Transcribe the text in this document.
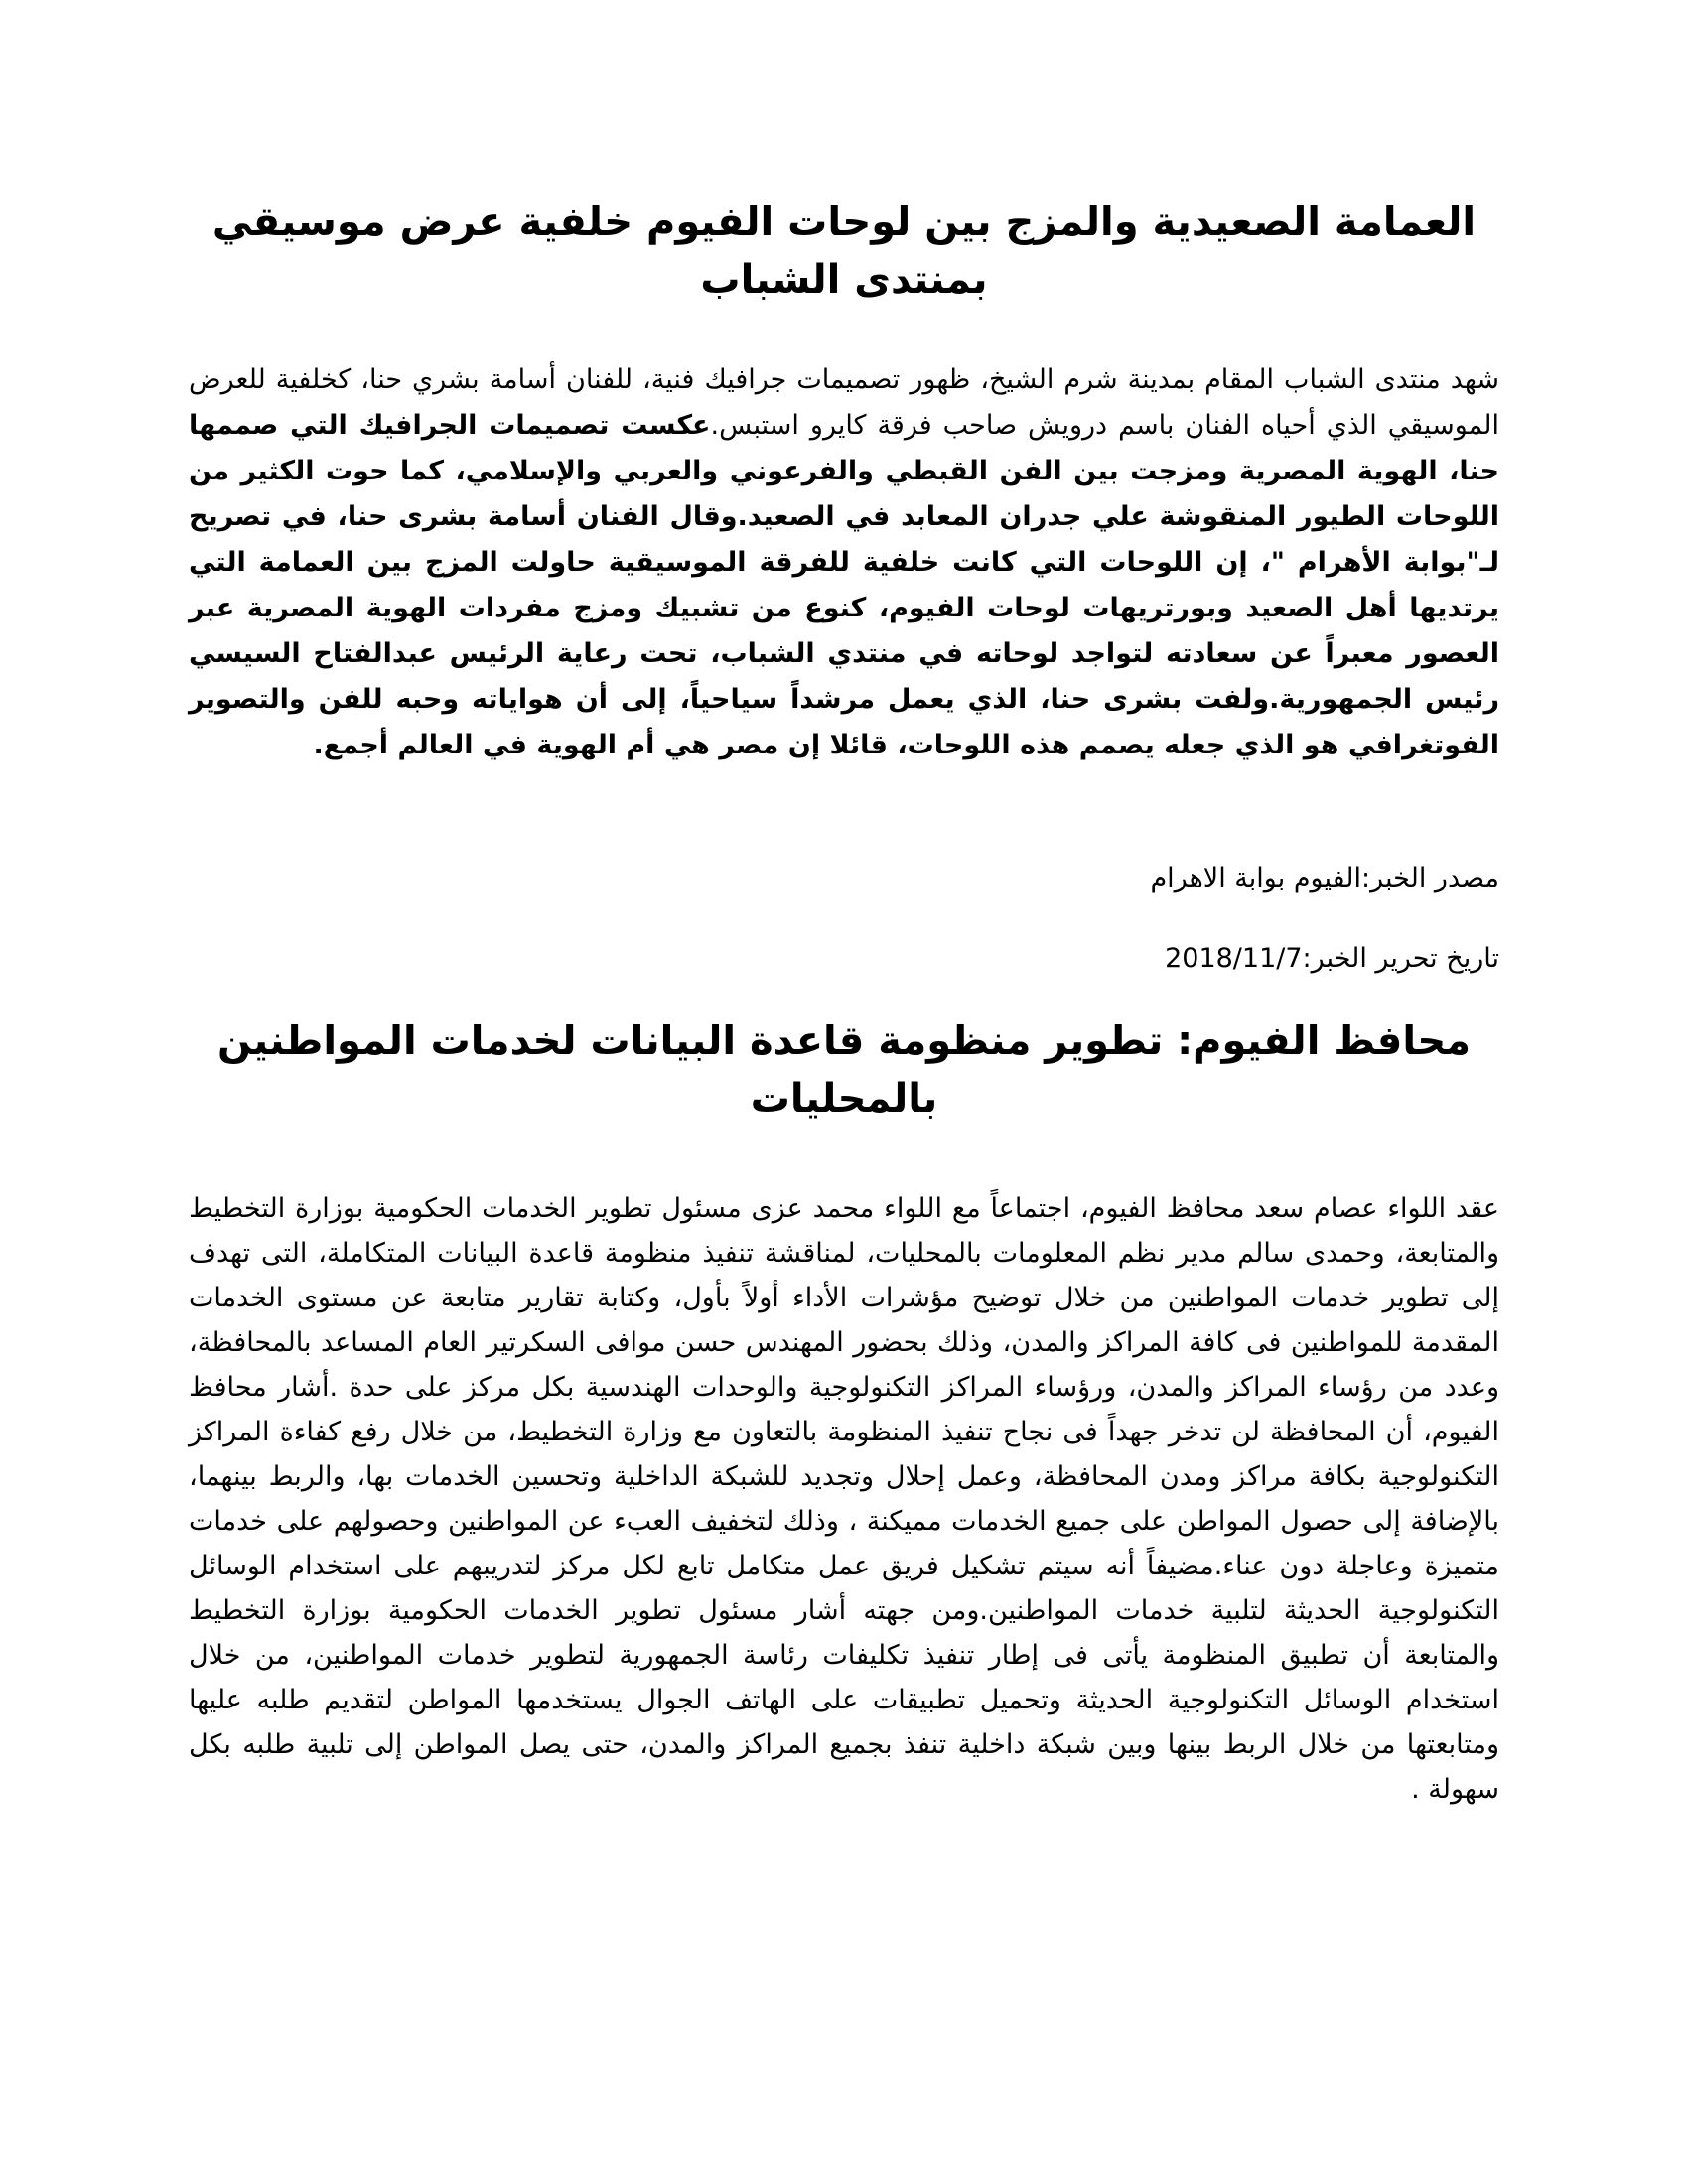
العمامة الصعيدية والمزج بين لوحات الفيوم خلفية عرض موسيقي بمنتدى الشباب

شهد منتدى الشباب المقام بمدينة شرم الشيخ، ظهور تصميمات جرافيك فنية، للفنان أسامة بشري حنا، كخلفية للعرض الموسيقي الذي أحياه الفنان باسم درويش صاحب فرقة كايرو استبس.عكست تصميمات الجرافيك التي صممها حنا، الهوية المصرية ومزجت بين الفن القبطي والفرعوني والعربي والإسلامي، كما حوت الكثير من اللوحات الطيور المنقوشة علي جدران المعابد في الصعيد.وقال الفنان أسامة بشرى حنا، في تصريح لـ"بوابة الأهرام "، إن اللوحات التي كانت خلفية للفرقة الموسيقية حاولت المزج بين العمامة التي يرتديها أهل الصعيد وبورتريهات لوحات الفيوم، كنوع من تشبيك ومزج مفردات الهوية المصرية عبر العصور معبراً عن سعادته لتواجد لوحاته في منتدي الشباب، تحت رعاية الرئيس عبدالفتاح السيسي رئيس الجمهورية.ولفت بشرى حنا، الذي يعمل مرشداً سياحياً، إلى أن هواياته وحبه للفن والتصوير الفوتغرافي هو الذي جعله يصمم هذه اللوحات، قائلا إن مصر هي أم الهوية في العالم أجمع.

مصدر الخبر:الفيوم بوابة الاهرام

تاريخ تحرير الخبر:2018/11/7

محافظ الفيوم: تطوير منظومة قاعدة البيانات لخدمات المواطنين بالمحليات

عقد اللواء عصام سعد محافظ الفيوم، اجتماعاً مع اللواء محمد عزى مسئول تطوير الخدمات الحكومية بوزارة التخطيط والمتابعة، وحمدى سالم مدير نظم المعلومات بالمحليات، لمناقشة تنفيذ منظومة قاعدة البيانات المتكاملة، التى تهدف إلى تطوير خدمات المواطنين من خلال توضيح مؤشرات الأداء أولاً بأول، وكتابة تقارير متابعة عن مستوى الخدمات المقدمة للمواطنين فى كافة المراكز والمدن، وذلك بحضور المهندس حسن موافى السكرتير العام المساعد بالمحافظة، وعدد من رؤساء المراكز والمدن، ورؤساء المراكز التكنولوجية والوحدات الهندسية بكل مركز على حدة .أشار محافظ الفيوم، أن المحافظة لن تدخر جهداً فى نجاح تنفيذ المنظومة بالتعاون مع وزارة التخطيط، من خلال رفع كفاءة المراكز التكنولوجية بكافة مراكز ومدن المحافظة، وعمل إحلال وتجديد للشبكة الداخلية وتحسين الخدمات بها، والربط بينهما، بالإضافة إلى حصول المواطن على جميع الخدمات مميكنة ، وذلك لتخفيف العبء عن المواطنين وحصولهم على خدمات متميزة وعاجلة دون عناء.مضيفاً أنه سيتم تشكيل فريق عمل متكامل تابع لكل مركز لتدريبهم على استخدام الوسائل التكنولوجية الحديثة لتلبية خدمات المواطنين.ومن جهته أشار مسئول تطوير الخدمات الحكومية بوزارة التخطيط والمتابعة أن تطبيق المنظومة يأتى فى إطار تنفيذ تكليفات رئاسة الجمهورية لتطوير خدمات المواطنين، من خلال استخدام الوسائل التكنولوجية الحديثة وتحميل تطبيقات على الهاتف الجوال يستخدمها المواطن لتقديم طلبه عليها ومتابعتها من خلال الربط بينها وبين شبكة داخلية تنفذ بجميع المراكز والمدن، حتى يصل المواطن إلى تلبية طلبه بكل سهولة .
